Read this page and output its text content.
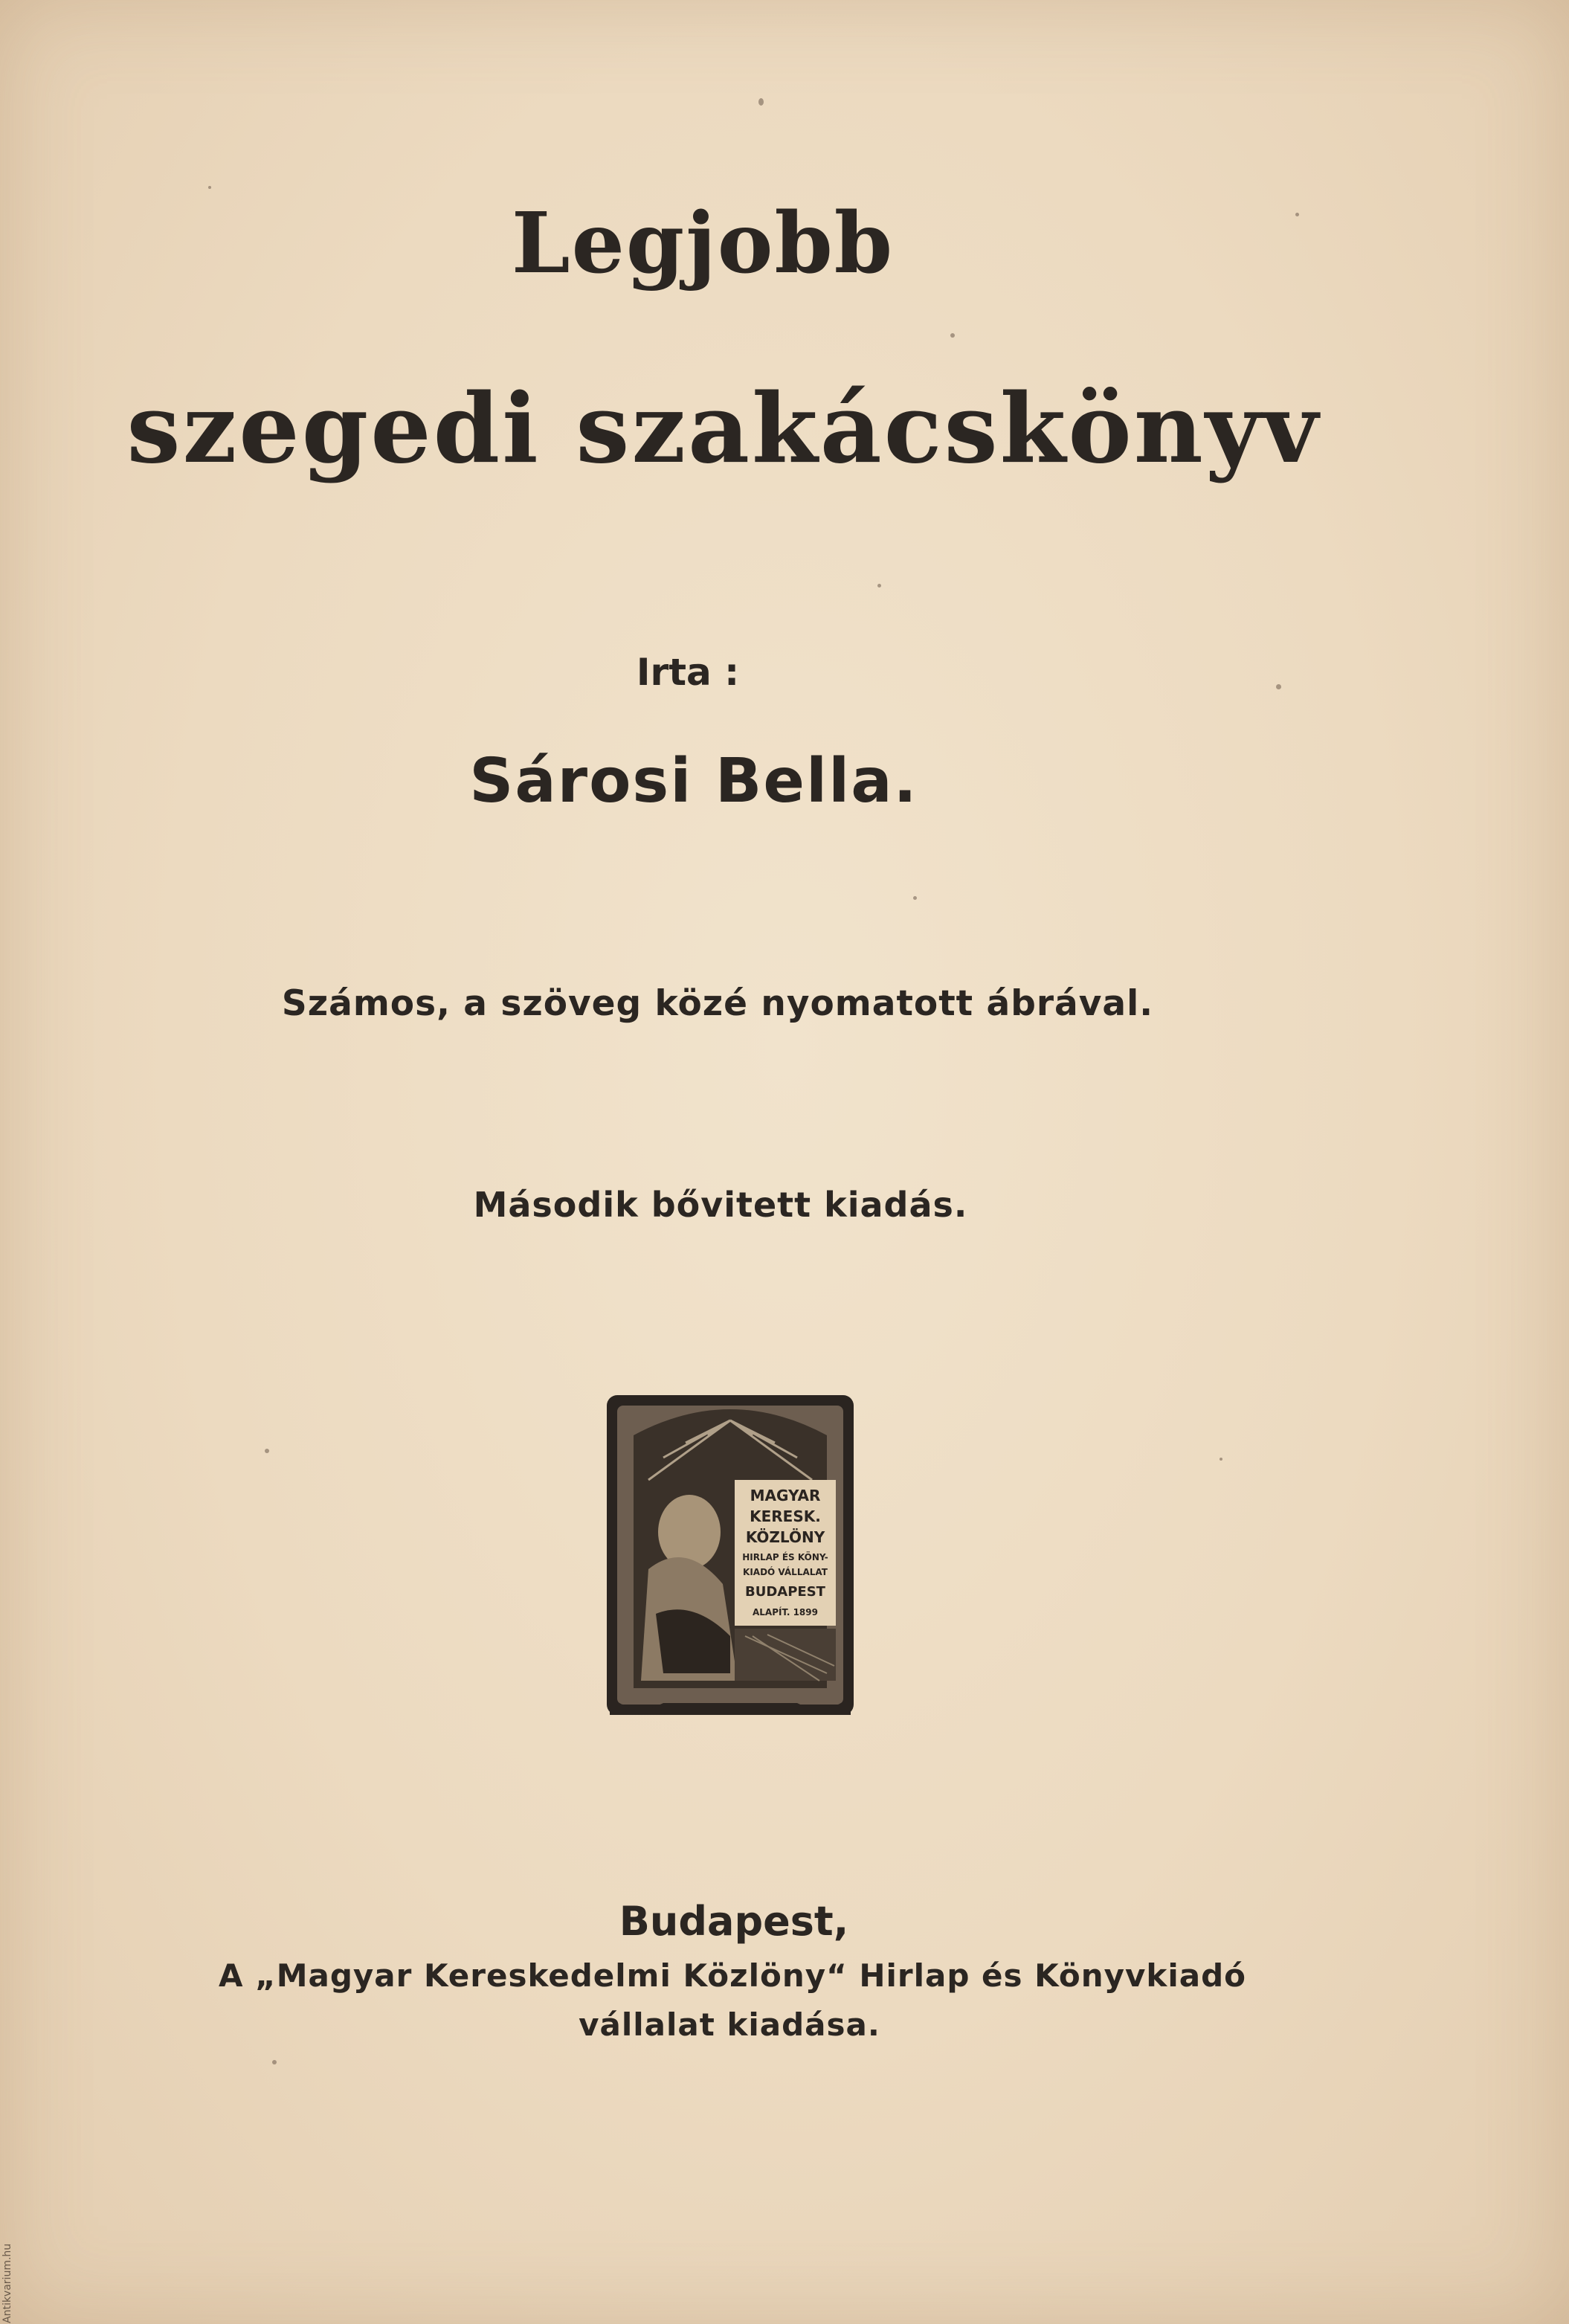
Legjobb
szegedi szakácskönyv
Irta :
Sárosi Bella.
Számos, a szöveg közé nyomatott ábrával.
Második bővitett kiadás.
MAGYAR
KERESK.
KÖZLÖNY
HIRLAP ÉS KÖNY-
KIADÓ VÁLLALAT
BUDAPEST
ALAPÍT. 1899
Budapest,
A „Magyar Kereskedelmi Közlöny“ Hirlap és Könyvkiadó
vállalat kiadása.
Antikvarium.hu
